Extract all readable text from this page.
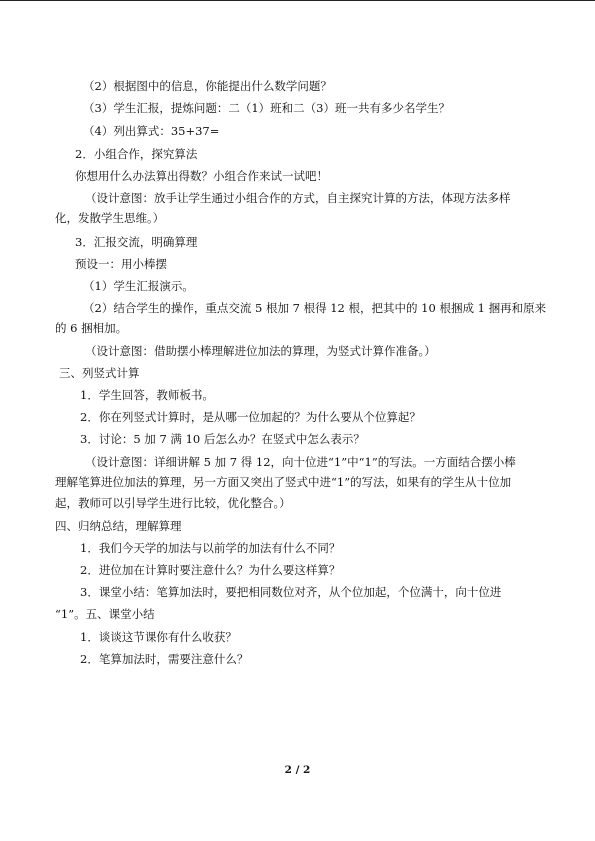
（2）根据图中的信息，你能提出什么数学问题？
（3）学生汇报，提炼问题：二（1）班和二（3）班一共有多少名学生？
（4）列出算式：35+37=
2．小组合作，探究算法
你想用什么办法算出得数？小组合作来试一试吧！
（设计意图：放手让学生通过小组合作的方式，自主探究计算的方法，体现方法多样
化，发散学生思维。）
3．汇报交流，明确算理
预设一：用小棒摆
（1）学生汇报演示。
（2）结合学生的操作，重点交流 5 根加 7 根得 12 根，把其中的 10 根捆成 1 捆再和原来
的 6 捆相加。
（设计意图：借助摆小棒理解进位加法的算理，为竖式计算作准备。）
三、列竖式计算
1．学生回答，教师板书。
2．你在列竖式计算时，是从哪一位加起的？为什么要从个位算起？
3．讨论：5 加 7 满 10 后怎么办？在竖式中怎么表示？
（设计意图：详细讲解 5 加 7 得 12，向十位进“1”中“1”的写法。一方面结合摆小棒
理解笔算进位加法的算理，另一方面又突出了竖式中进“1”的写法，如果有的学生从十位加
起，教师可以引导学生进行比较，优化整合。）
四、归纳总结，理解算理
1．我们今天学的加法与以前学的加法有什么不同？
2．进位加在计算时要注意什么？为什么要这样算？
3．课堂小结：笔算加法时，要把相同数位对齐，从个位加起，个位满十，向十位进
“1”。五、课堂小结
1．谈谈这节课你有什么收获？
2．笔算加法时，需要注意什么？
2 / 2
